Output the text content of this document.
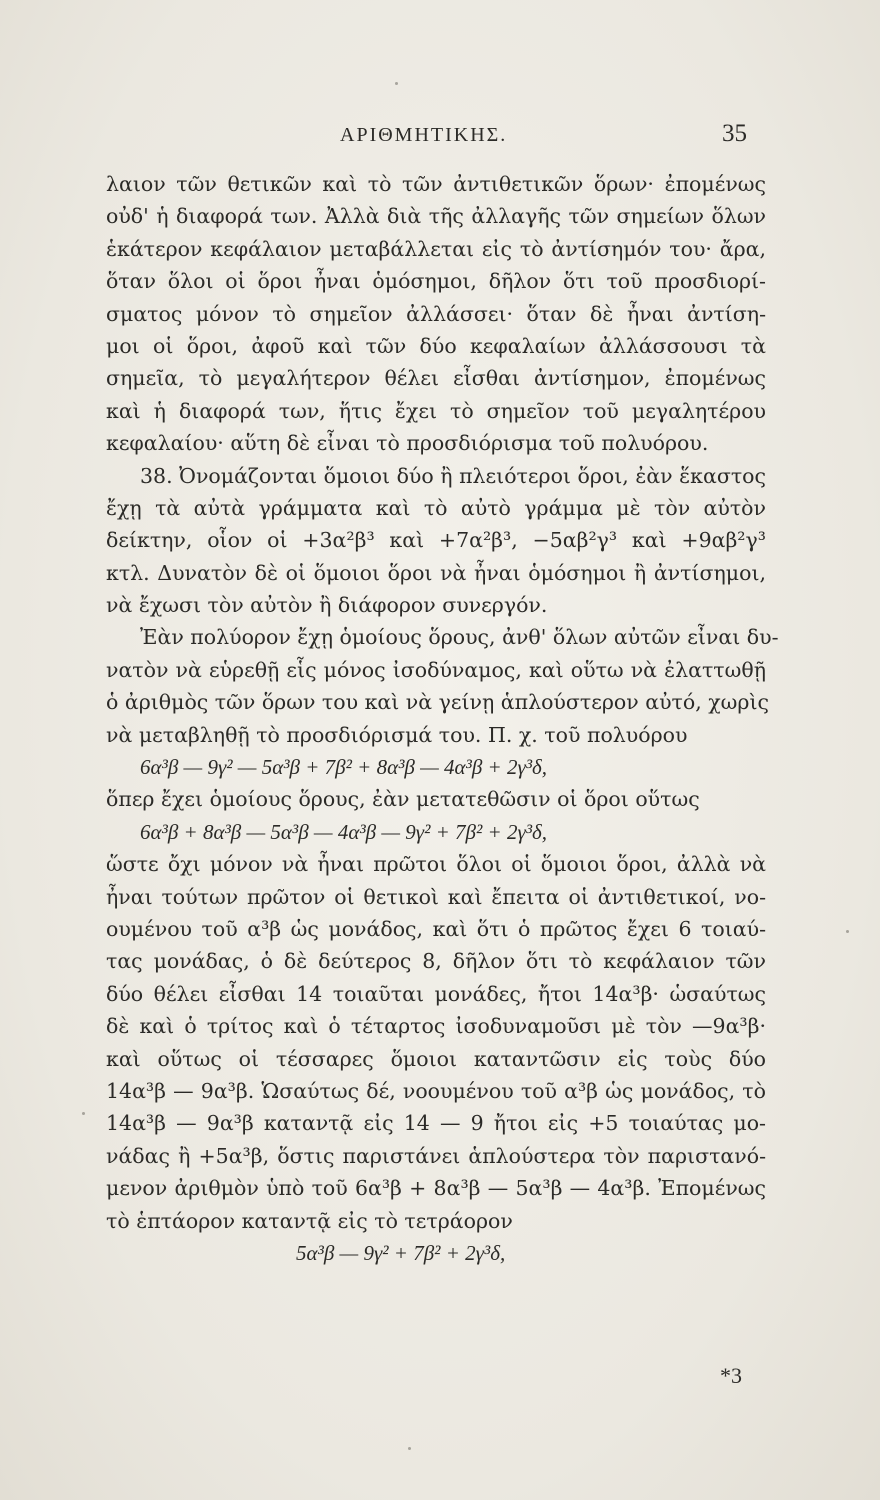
ΑΡΙΘΜΗΤΙΚΗΣ.	35
λαιον τῶν θετικῶν καὶ τὸ τῶν ἀντιθετικῶν ὅρων· ἐπομένως
οὐδ' ἡ διαφορά των. Ἀλλὰ διὰ τῆς ἀλλαγῆς τῶν σημείων ὅλων
ἑκάτερον κεφάλαιον μεταβάλλεται εἰς τὸ ἀντίσημόν του· ἄρα,
ὅταν ὅλοι οἱ ὅροι ἦναι ὁμόσημοι, δῆλον ὅτι τοῦ προσδιορί-
σματος μόνον τὸ σημεῖον ἀλλάσσει· ὅταν δὲ ἦναι ἀντίση-
μοι οἱ ὅροι, ἀφοῦ καὶ τῶν δύο κεφαλαίων ἀλλάσσουσι τὰ
σημεῖα, τὸ μεγαλήτερον θέλει εἶσθαι ἀντίσημον, ἐπομένως
καὶ ἡ διαφορά των, ἥτις ἔχει τὸ σημεῖον τοῦ μεγαλητέρου
κεφαλαίου· αὕτη δὲ εἶναι τὸ προσδιόρισμα τοῦ πολυόρου.
38. Ὀνομάζονται ὅμοιοι δύο ἢ πλειότεροι ὅροι, ἐὰν ἕκαστος
ἔχῃ τὰ αὐτὰ γράμματα καὶ τὸ αὐτὸ γράμμα μὲ τὸν αὐτὸν
δείκτην, οἷον οἱ +3α²β³ καὶ +7α²β³, −5αβ²γ³ καὶ +9αβ²γ³
κτλ. Δυνατὸν δὲ οἱ ὅμοιοι ὅροι νὰ ἦναι ὁμόσημοι ἢ ἀντίσημοι,
νὰ ἔχωσι τὸν αὐτὸν ἢ διάφορον συνεργόν.
Ἐὰν πολύορον ἔχῃ ὁμοίους ὅρους, ἀνθ' ὅλων αὐτῶν εἶναι δυ-
νατὸν νὰ εὑρεθῇ εἷς μόνος ἰσοδύναμος, καὶ οὕτω νὰ ἐλαττωθῇ
ὁ ἀριθμὸς τῶν ὅρων του καὶ νὰ γείνῃ ἁπλούστερον αὐτό, χωρὶς
νὰ μεταβληθῇ τὸ προσδιόρισμά του. Π. χ. τοῦ πολυόρου
6α³β — 9γ² — 5α³β + 7β² + 8α³β — 4α³β + 2γ³δ,
ὅπερ ἔχει ὁμοίους ὅρους, ἐὰν μετατεθῶσιν οἱ ὅροι οὕτως
6α³β + 8α³β — 5α³β — 4α³β — 9γ² + 7β² + 2γ³δ,
ὥστε ὄχι μόνον νὰ ἦναι πρῶτοι ὅλοι οἱ ὅμοιοι ὅροι, ἀλλὰ νὰ
ἦναι τούτων πρῶτον οἱ θετικοὶ καὶ ἔπειτα οἱ ἀντιθετικοί, νο-
ουμένου τοῦ α³β ὡς μονάδος, καὶ ὅτι ὁ πρῶτος ἔχει 6 τοιαύ-
τας μονάδας, ὁ δὲ δεύτερος 8, δῆλον ὅτι τὸ κεφάλαιον τῶν
δύο θέλει εἶσθαι 14 τοιαῦται μονάδες, ἤτοι 14α³β· ὡσαύτως
δὲ καὶ ὁ τρίτος καὶ ὁ τέταρτος ἰσοδυναμοῦσι μὲ τὸν —9α³β·
καὶ οὕτως οἱ τέσσαρες ὅμοιοι καταντῶσιν εἰς τοὺς δύο
14α³β — 9α³β. Ὡσαύτως δέ, νοουμένου τοῦ α³β ὡς μονάδος, τὸ
14α³β — 9α³β καταντᾷ εἰς 14 — 9 ἤτοι εἰς +5 τοιαύτας μο-
νάδας ἢ +5α³β, ὅστις παριστάνει ἁπλούστερα τὸν παριστανό-
μενον ἀριθμὸν ὑπὸ τοῦ 6α³β + 8α³β — 5α³β — 4α³β. Ἐπομένως
τὸ ἑπτάορον καταντᾷ εἰς τὸ τετράορον
5α³β — 9γ² + 7β² + 2γ³δ,
*3
